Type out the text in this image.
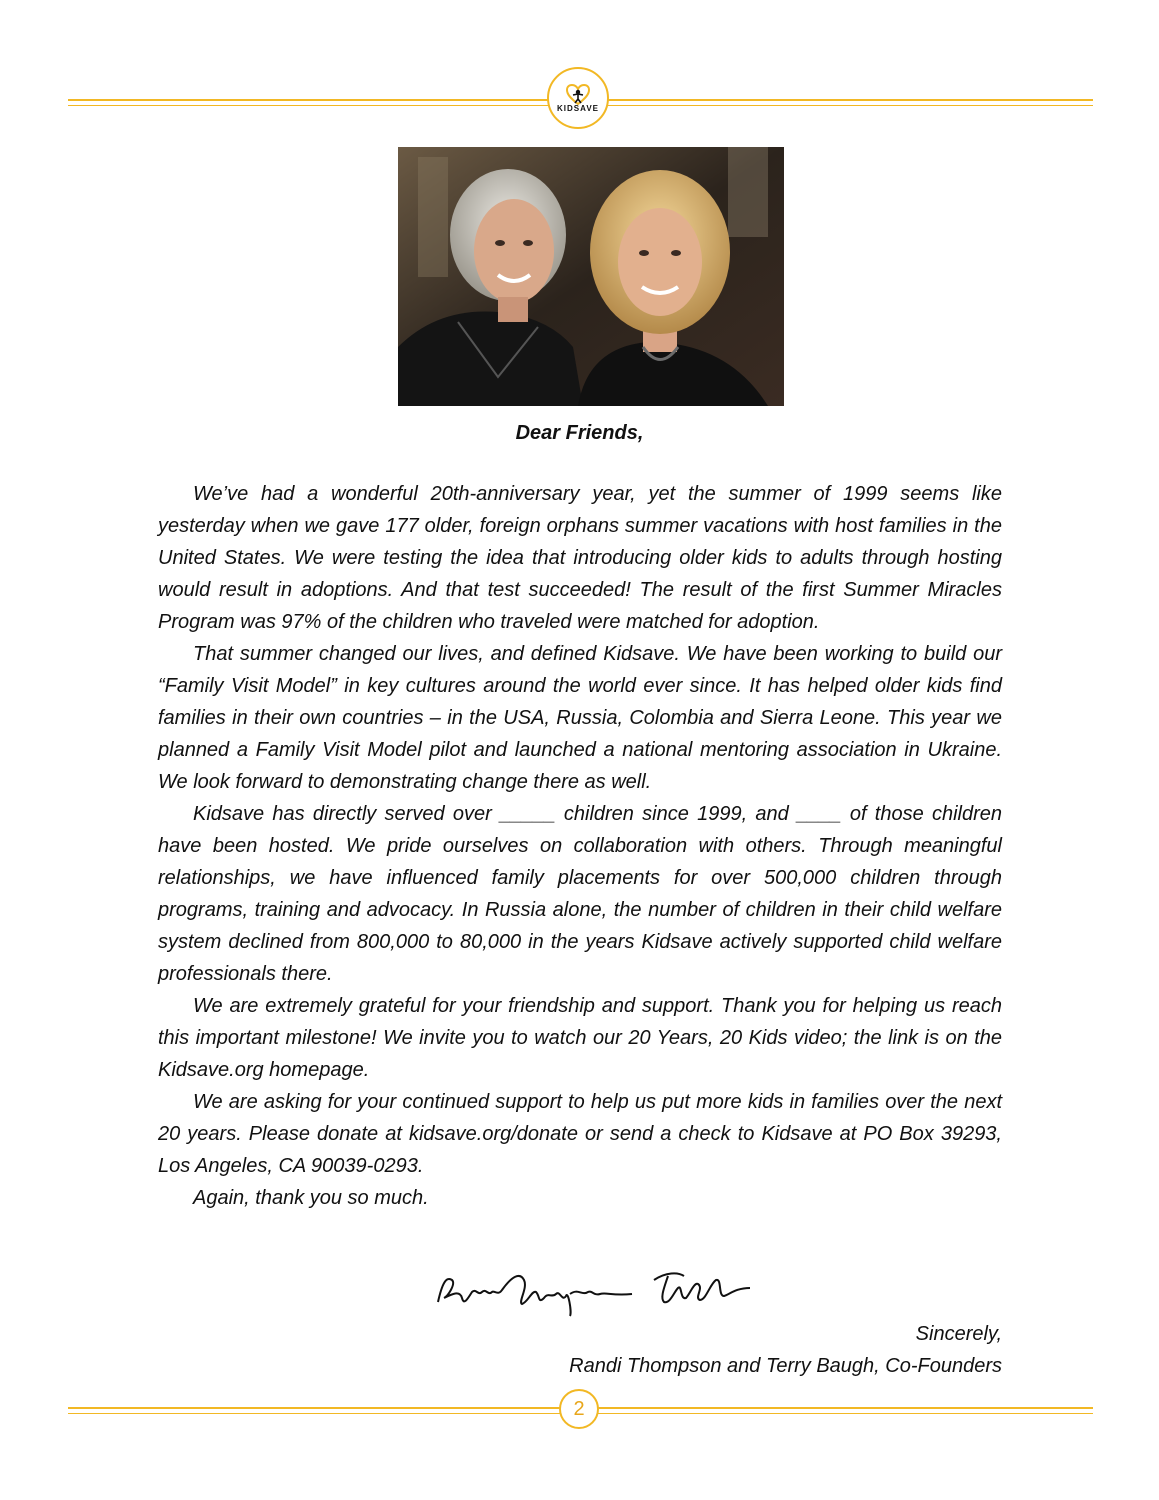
KIDSAVE
Dear Friends,

We’ve had a wonderful 20th-anniversary year, yet the summer of 1999 seems like yesterday when we gave 177 older, foreign orphans summer vacations with host families in the United States. We were testing the idea that introducing older kids to adults through hosting would result in adoptions. And that test succeeded! The result of the first Summer Miracles Program was 97% of the children who traveled were matched for adoption.

That summer changed our lives, and defined Kidsave. We have been working to build our “Family Visit Model” in key cultures around the world ever since. It has helped older kids find families in their own countries – in the USA, Russia, Colombia and Sierra Leone. This year we planned a Family Visit Model pilot and launched a national mentoring association in Ukraine. We look forward to demonstrating change there as well.

Kidsave has directly served over _____ children since 1999, and ____ of those children have been hosted. We pride ourselves on collaboration with others. Through meaningful relationships, we have influenced family placements for over 500,000 children through programs, training and advocacy. In Russia alone, the number of children in their child welfare system declined from 800,000 to 80,000 in the years Kidsave actively supported child welfare professionals there.

We are extremely grateful for your friendship and support. Thank you for helping us reach this important milestone! We invite you to watch our 20 Years, 20 Kids video; the link is on the Kidsave.org homepage.

We are asking for your continued support to help us put more kids in families over the next 20 years. Please donate at kidsave.org/donate or send a check to Kidsave at PO Box 39293, Los Angeles, CA 90039-0293.

Again, thank you so much.

Sincerely,
Randi Thompson and Terry Baugh, Co-Founders
2
